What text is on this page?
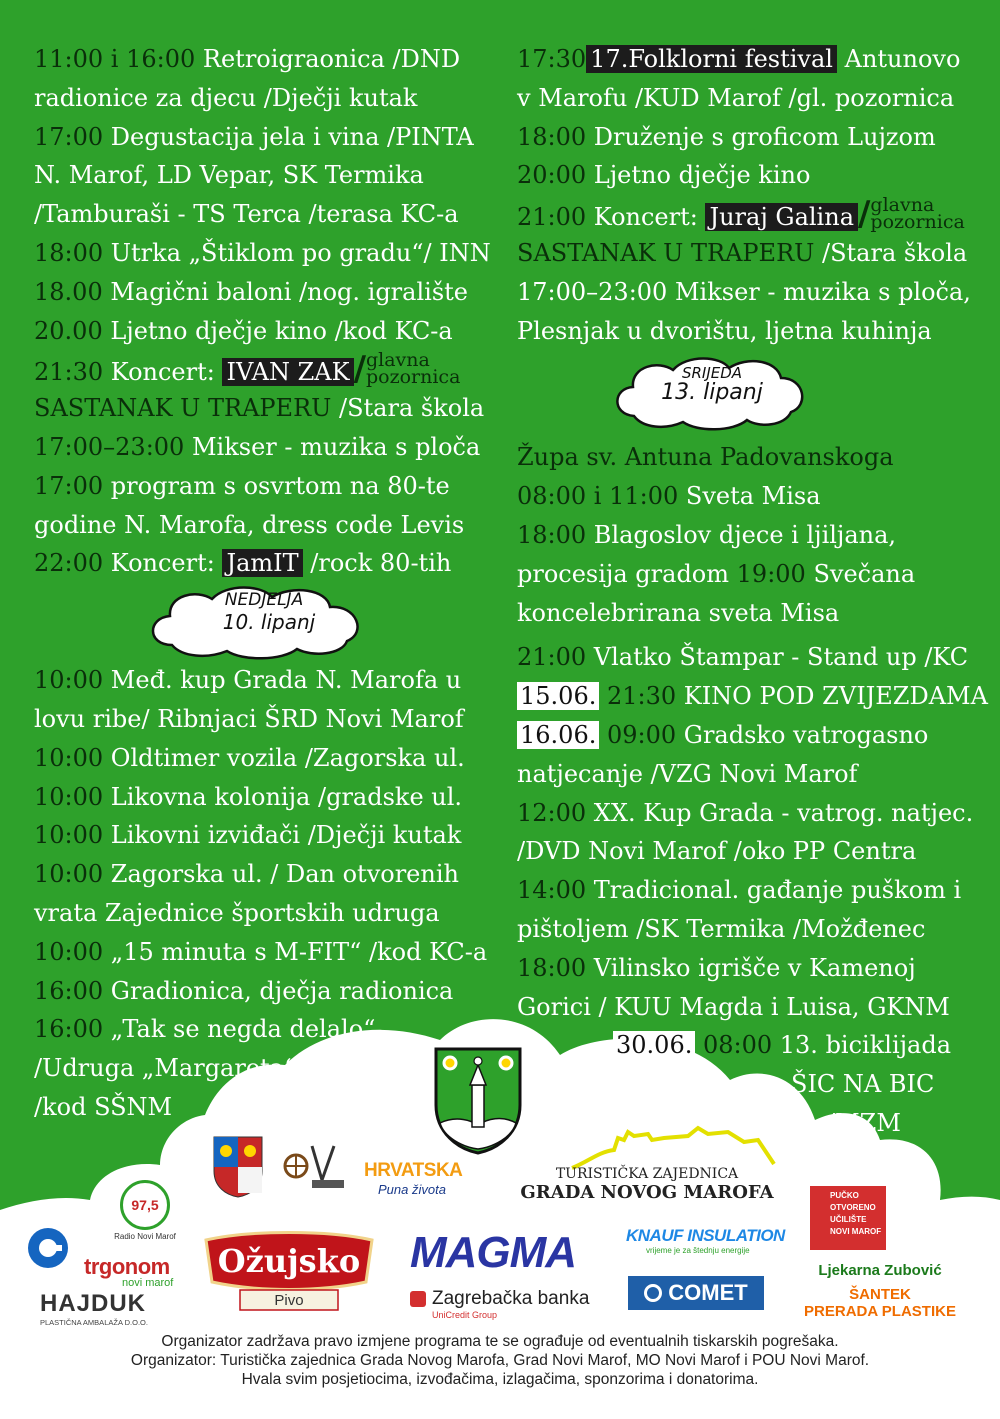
11:00 i 16:00 Retroigraonica /DND
radionice za djecu /Dječji kutak
17:00 Degustacija jela i vina /PINTA
N. Marof, LD Vepar, SK Termika
/Tamburaši - TS Terca /terasa KC-a
18:00 Utrka „Štiklom po gradu“/ INN
18.00 Magični baloni /nog. igralište
20.00 Ljetno dječje kino /kod KC-a
21:30 Koncert: IVAN ZAK / glavna
pozornica
SASTANAK U TRAPERU /Stara škola
17:00–23:00 Mikser - muzika s ploča
17:00 program s osvrtom na 80-te
godine N. Marofa, dress code Levis
22:00 Koncert: JamIT /rock 80-tih
NEDJELJA
10. lipanj
10:00 Međ. kup Grada N. Marofa u
lovu ribe/ Ribnjaci ŠRD Novi Marof
10:00 Oldtimer vozila /Zagorska ul.
10:00 Likovna kolonija /gradske ul.
10:00 Likovni izviđači /Dječji kutak
10:00 Zagorska ul. / Dan otvorenih
vrata Zajednice športskih udruga
10:00 „15 minuta s M-FIT“ /kod KC-a
16:00 Gradionica, dječja radionica
16:00 „Tak se negda delalo“
/Udruga „Margareta“
/kod SŠNM
17:30 17.Folklorni festival Antunovo
v Marofu /KUD Marof /gl. pozornica
18:00 Druženje s groficom Lujzom
20:00 Ljetno dječje kino
21:00 Koncert: Juraj Galina / glavna
pozornica
SASTANAK U TRAPERU /Stara škola
17:00–23:00 Mikser - muzika s ploča,
Plesnjak u dvorištu, ljetna kuhinja
SRIJEDA
13. lipanj
Župa sv. Antuna Padovanskoga
08:00 i 11:00 Sveta Misa
18:00 Blagoslov djece i ljiljana,
procesija gradom 19:00 Svečana
koncelebrirana sveta Misa
21:00 Vlatko Štampar - Stand up /KC
15.06. 21:30 KINO POD ZVIJEZDAMA
16.06. 09:00 Gradsko vatrogasno
natjecanje /VZG Novi Marof
12:00 XX. Kup Grada - vatrog. natjec.
/DVD Novi Marof /oko PP Centra
14:00 Tradicional. gađanje puškom i
pištoljem /SK Termika /Možđenec
18:00 Vilinsko igrišče v Kamenoj
Gorici / KUU Magda i Luisa, GKNM
30.06. 08:00 13. biciklijada
ŠIC NA BIC
/MZM
HRVATSKA
Puna života
TURISTIČKA ZAJEDNICA
GRADA NOVOG MAROFA
97,5
Radio Novi Marof
trgonom
novi marof
HAJDUK
PLASTIČNA AMBALAŽA D.O.O.
Ožujsko
Pivo
MAGMA
Zagrebačka banka
UniCredit Group
KNAUF INSULATION
vrijeme je za štednju energije
COMET
PUČKO
OTVORENO
UČILIŠTE
NOVI MAROF
Ljekarna Zubović
ŠANTEK
PRERADA PLASTIKE
Organizator zadržava pravo izmjene programa te se ograđuje od eventualnih tiskarskih pogrešaka.
Organizator: Turistička zajednica Grada Novog Marofa, Grad Novi Marof, MO Novi Marof i POU Novi Marof.
Hvala svim posjetiocima, izvođačima, izlagačima, sponzorima i donatorima.
